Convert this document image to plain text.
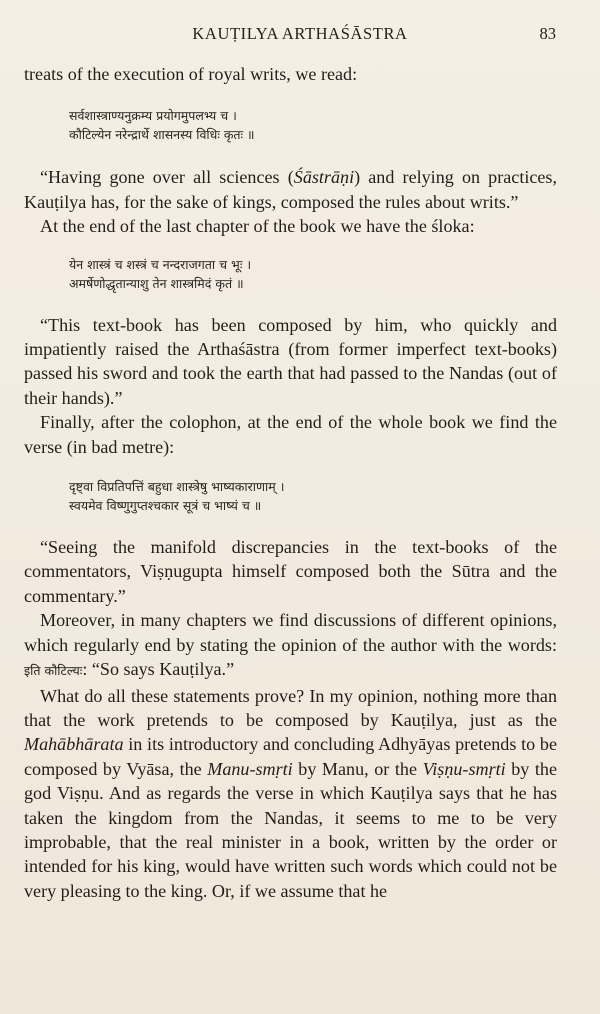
KAUṬILYA ARTHAŚĀSTRA	83

treats of the execution of royal writs, we read:

सर्वशास्त्राण्यनुक्रम्य प्रयोगमुपलभ्य च ।
कौटिल्येन नरेन्द्रार्थे शासनस्य विधिः कृतः ॥

“Having gone over all sciences (Śāstrāṇi) and relying on practices, Kauṭilya has, for the sake of kings, composed the rules about writs.”

At the end of the last chapter of the book we have the śloka:

येन शास्त्रं च शस्त्रं च नन्दराजगता च भूः ।
अमर्षेणोद्धृतान्याशु तेन शास्त्रमिदं कृतं ॥

“This text-book has been composed by him, who quickly and impatiently raised the Arthaśāstra (from former imperfect text-books) passed his sword and took the earth that had passed to the Nandas (out of their hands).”

Finally, after the colophon, at the end of the whole book we find the verse (in bad metre):

दृष्ट्वा विप्रतिपत्तिं बहुधा शास्त्रेषु भाष्यकाराणाम् ।
स्वयमेव विष्णुगुप्तश्चकार सूत्रं च भाष्यं च ॥

“Seeing the manifold discrepancies in the text-books of the commentators, Viṣṇugupta himself composed both the Sūtra and the commentary.”

Moreover, in many chapters we find discussions of different opinions, which regularly end by stating the opinion of the author with the words: इति कौटिल्यः: “So says Kauṭilya.”

What do all these statements prove? In my opinion, nothing more than that the work pretends to be composed by Kauṭilya, just as the Mahābhārata in its introductory and concluding Adhyāyas pretends to be composed by Vyāsa, the Manu-smṛti by Manu, or the Viṣṇu-smṛti by the god Viṣṇu. And as regards the verse in which Kauṭilya says that he has taken the kingdom from the Nandas, it seems to me to be very improbable, that the real minister in a book, written by the order or intended for his king, would have written such words which could not be very pleasing to the king. Or, if we assume that he
